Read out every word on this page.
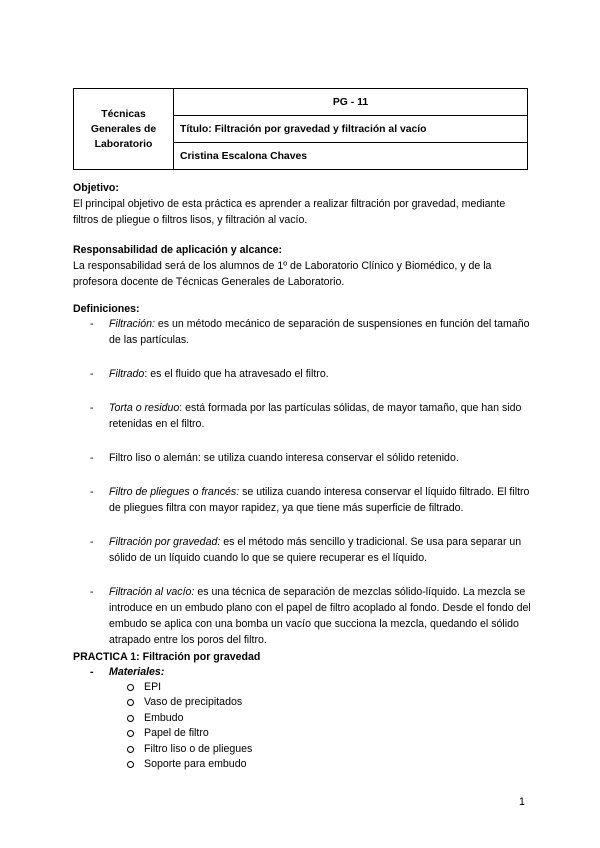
Técnicas Generales de Laboratorio	PG - 11
Título: Filtración por gravedad y filtración al vacío
Cristina Escalona Chaves
Objetivo:
El principal objetivo de esta práctica es aprender a realizar filtración por gravedad, mediante filtros de pliegue o filtros lisos, y filtración al vacío.
Responsabilidad de aplicación y alcance:
La responsabilidad será de los alumnos de 1º de Laboratorio Clínico y Biomédico, y de la profesora docente de Técnicas Generales de Laboratorio.
Definiciones:
- Filtración: es un método mecánico de separación de suspensiones en función del tamaño de las partículas.
- Filtrado: es el fluido que ha atravesado el filtro.
- Torta o residuo: está formada por las partículas sólidas, de mayor tamaño, que han sido retenidas en el filtro.
- Filtro liso o alemán: se utiliza cuando interesa conservar el sólido retenido.
- Filtro de pliegues o francés: se utiliza cuando interesa conservar el líquido filtrado. El filtro de pliegues filtra con mayor rapidez, ya que tiene más superficie de filtrado.
- Filtración por gravedad: es el método más sencillo y tradicional. Se usa para separar un sólido de un líquido cuando lo que se quiere recuperar es el líquido.
- Filtración al vacío: es una técnica de separación de mezclas sólido-líquido. La mezcla se introduce en un embudo plano con el papel de filtro acoplado al fondo. Desde el fondo del embudo se aplica con una bomba un vacío que succiona la mezcla, quedando el sólido atrapado entre los poros del filtro.
PRACTICA 1: Filtración por gravedad
- Materiales:
EPI
Vaso de precipitados
Embudo
Papel de filtro
Filtro liso o de pliegues
Soporte para embudo
1
